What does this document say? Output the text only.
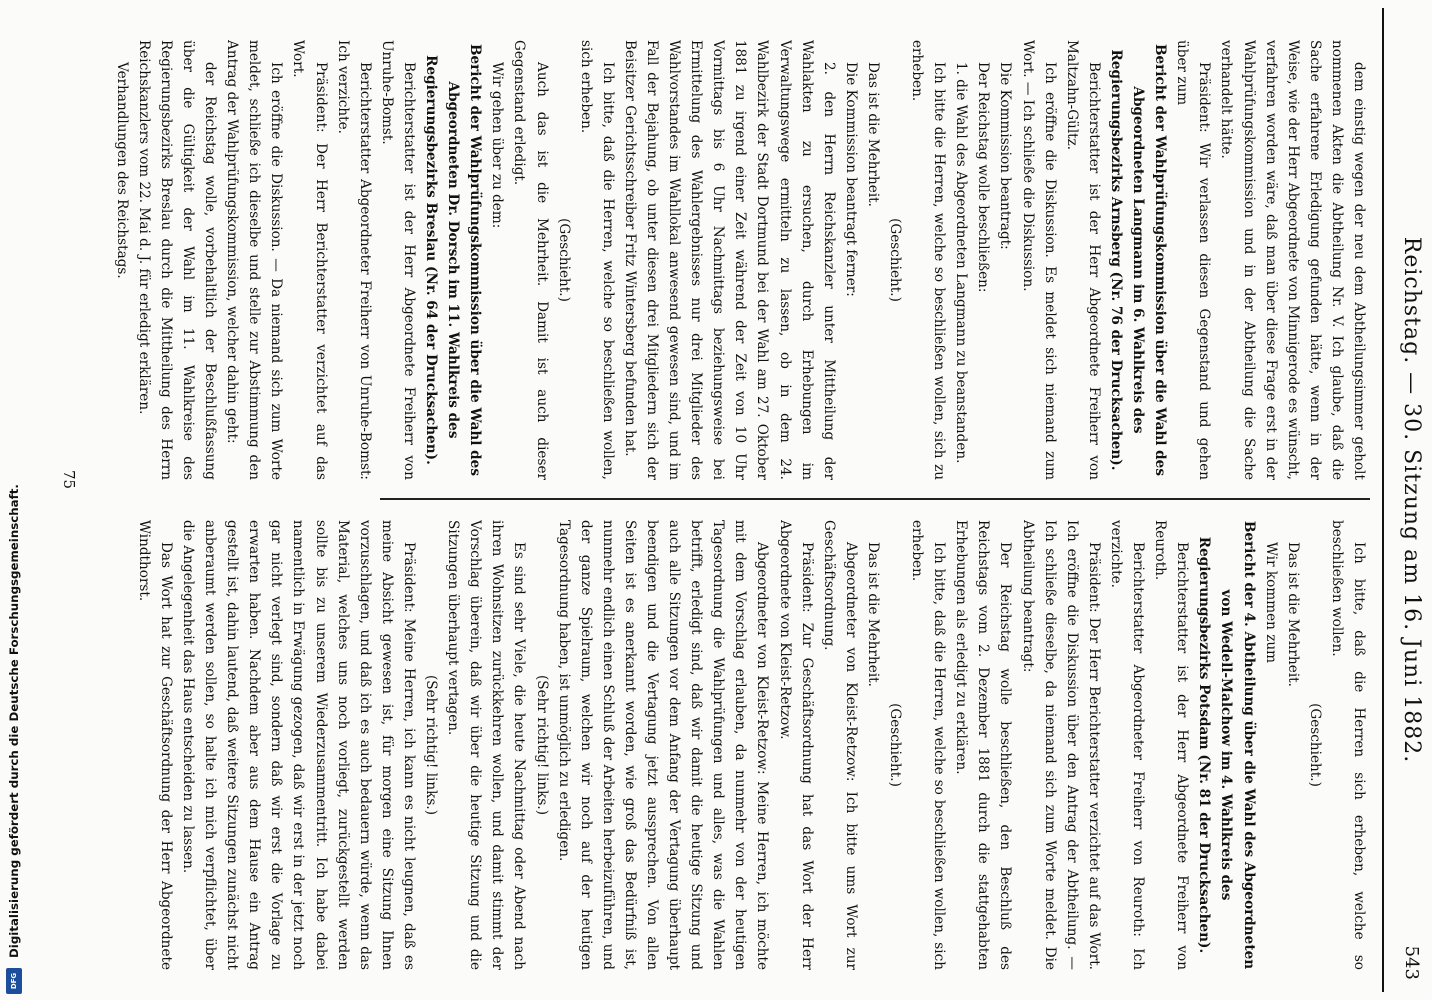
Reichstag. — 30. Sitzung am 16. Juni 1882.
543

dem einstig wegen der neu dem Abtheilungsimmer geholt nommenen Akten die Abtheilung Nr. V. Ich glaube, daß die Sache erfahrene Erledigung gefunden hätte, wenn in der Weise, wie der Herr Abgeordnete von Minnigerode es wünscht, verfahren worden wäre, daß man über diese Frage erst in der Wahlprüfungskommission und in der Abtheilung die Sache verhandelt hätte.

Präsident: Wir verlassen diesen Gegenstand und gehen über zum

Bericht der Wahlprüfungskommission über die Wahl des Abgeordneten Langmann im 6. Wahlkreis des Regierungsbezirks Arnsberg (Nr. 76 der Drucksachen).

Berichterstatter ist der Herr Abgeordnete Freiherr von Maltzahn-Gültz.

Ich eröffne die Diskussion. Es meldet sich niemand zum Wort. — Ich schließe die Diskussion.

Die Kommission beantragt:

Der Reichstag wolle beschließen:

1. die Wahl des Abgeordneten Langmann zu beanstanden.

Ich bitte die Herren, welche so beschließen wollen, sich zu erheben.

(Geschieht.)

Das ist die Mehrheit.

Die Kommission beantragt ferner:

2. den Herrn Reichskanzler unter Mittheilung der Wahlakten zu ersuchen, durch Erhebungen im Verwaltungswege ermitteln zu lassen, ob in dem 24. Wahlbezirk der Stadt Dortmund bei der Wahl am 27. Oktober 1881 zu irgend einer Zeit während der Zeit von 10 Uhr Vormittags bis 6 Uhr Nachmittags beziehungsweise bei Ermittelung des Wahlergebnisses nur drei Mitglieder des Wahlvorstandes im Wahllokal anwesend gewesen sind, und im Fall der Bejahung, ob unter diesen drei Mitgliedern sich der Beisitzer Gerichtsschreiber Fritz Wintersberg befunden hat.

Ich bitte, daß die Herren, welche so beschließen wollen, sich erheben.

(Geschieht.)

Auch das ist die Mehrheit. Damit ist auch dieser Gegenstand erledigt.

Wir gehen über zu dem:

Bericht der Wahlprüfungskommission über die Wahl des Abgeordneten Dr. Dorsch im 11. Wahlkreis des Regierungsbezirks Breslau (Nr. 64 der Drucksachen).

Berichterstatter ist der Herr Abgeordnete Freiherr von Unruhe-Bomst.

Berichterstatter Abgeordneter Freiherr von Unruhe-Bomst: Ich verzichte.

Präsident: Der Herr Berichterstatter verzichtet auf das Wort.

Ich eröffne die Diskussion. — Da niemand sich zum Worte meldet, schließe ich dieselbe und stelle zur Abstimmung den Antrag der Wahlprüfungskommission, welcher dahin geht:

der Reichstag wolle, vorbehaltlich der Beschlußfassung über die Gültigkeit der Wahl im 11. Wahlkreise des Regierungsbezirks Breslau durch die Mittheilung des Herrn Reichskanzlers vom 22. Mai d. J. für erledigt erklären.

Verhandlungen des Reichstags.

Ich bitte, daß die Herren sich erheben, welche so beschließen wollen.

(Geschieht.)

Das ist die Mehrheit.

Wir kommen zum

Bericht der 4. Abtheilung über die Wahl des Abgeordneten von Wedell-Malchow im 4. Wahlkreis des Regierungsbezirks Potsdam (Nr. 81 der Drucksachen).

Berichterstatter ist der Herr Abgeordnete Freiherr von Reuroth.

Berichterstatter Abgeordneter Freiherr von Reuroth: Ich verzichte.

Präsident: Der Herr Berichterstatter verzichtet auf das Wort. Ich eröffne die Diskussion über den Antrag der Abtheilung. — Ich schließe dieselbe, da niemand sich zum Worte meldet. Die Abtheilung beantragt:

Der Reichstag wolle beschließen, den Beschluß des Reichstags vom 2. Dezember 1881 durch die stattgehabten Erhebungen als erledigt zu erklären.

Ich bitte, daß die Herren, welche so beschließen wollen, sich erheben.

(Geschieht.)

Das ist die Mehrheit.

Abgeordneter von Kleist-Retzow: Ich bitte ums Wort zur Geschäftsordnung.

Präsident: Zur Geschäftsordnung hat das Wort der Herr Abgeordnete von Kleist-Retzow.

Abgeordneter von Kleist-Retzow: Meine Herren, ich möchte mit dem Vorschlag erlauben, da nunmehr von der heutigen Tagesordnung die Wahlprüfungen und alles, was die Wahlen betrifft, erledigt sind, daß wir damit die heutige Sitzung und auch alle Sitzungen vor dem Anfang der Vertagung überhaupt beendigen und die Vertagung jetzt aussprechen. Von allen Seiten ist es anerkannt worden, wie groß das Bedürfniß ist, nunmehr endlich einen Schluß der Arbeiten herbeizuführen, und der ganze Spielraum, welchen wir noch auf der heutigen Tagesordnung haben, ist unmöglich zu erledigen.

(Sehr richtig! links.)

Es sind sehr Viele, die heute Nachmittag oder Abend nach ihren Wohnsitzen zurückkehren wollen, und damit stimmt der Vorschlag überein, daß wir über die heutige Sitzung und die Sitzungen überhaupt vertagen.

(Sehr richtig! links.)

Präsident: Meine Herren, ich kann es nicht leugnen, daß es meine Absicht gewesen ist, für morgen eine Sitzung Ihnen vorzuschlagen, und daß ich es auch bedauern würde, wenn das Material, welches uns noch vorliegt, zurückgestellt werden sollte bis zu unserem Wiederzusammentritt. Ich habe dabei namentlich in Erwägung gezogen, daß wir erst in der jetzt noch gar nicht verlegt sind, sondern daß wir erst die Vorlage zu erwarten haben. Nachdem aber aus dem Hause ein Antrag gestellt ist, dahin lautend, daß weitere Sitzungen zunächst nicht anberaumt werden sollen, so halte ich mich verpflichtet, über die Angelegenheit das Haus entscheiden zu lassen.

Das Wort hat zur Geschäftsordnung der Herr Abgeordnete Windthorst.

75
Digitalisierung gefördert durch die Deutsche Forschungsgemeinschaft.
DFG
